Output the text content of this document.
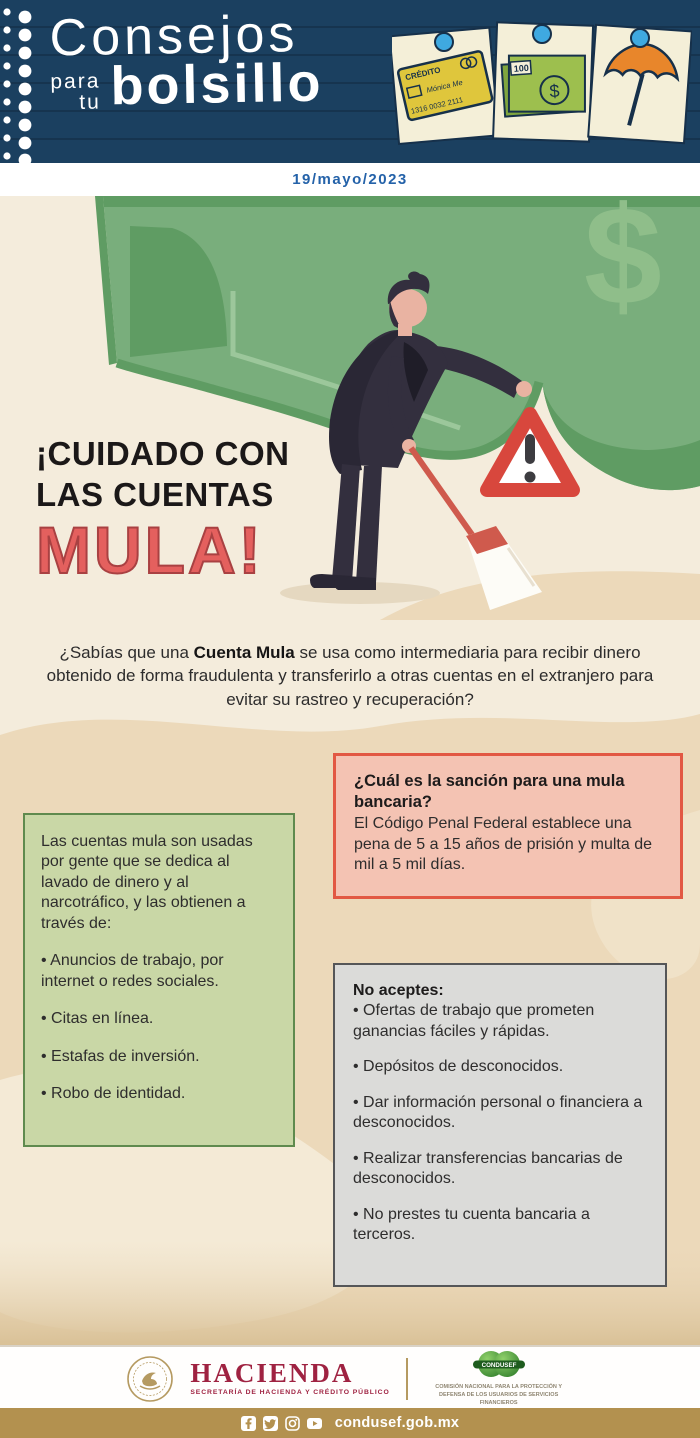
Consejos
para
tu bolsillo	CRÉDITO
Mónica Me
1316 0032 2111
100
$
19/mayo/2023 $
¡CUIDADO CON
LAS CUENTAS
MULA!

¿Sabías que una Cuenta Mula se usa como intermediaria para recibir dinero obtenido de forma fraudulenta y transferirlo a otras cuentas en el extranjero para evitar su rastreo y recuperación?

Las cuentas mula son usadas por gente que se dedica al lavado de dinero y al narcotráfico, y las obtienen a través de:

• Anuncios de trabajo, por internet o redes sociales.

• Citas en línea.

• Estafas de inversión.

• Robo de identidad.

¿Cuál es la sanción para una mula bancaria?

El Código Penal Federal establece una pena de 5 a 15 años de prisión y multa de mil a 5 mil días.

No aceptes:

• Ofertas de trabajo que prometen ganancias fáciles y rápidas.

• Depósitos de desconocidos.

• Dar información personal o financiera a desconocidos.

• Realizar transferencias bancarias de desconocidos.

• No prestes tu cuenta bancaria a terceros.

HACIENDA
SECRETARÍA DE HACIENDA Y CRÉDITO PÚBLICO
CONDUSEF
COMISIÓN NACIONAL PARA LA PROTECCIÓN Y DEFENSA DE LOS USUARIOS DE SERVICIOS FINANCIEROS
condusef.gob.mx
